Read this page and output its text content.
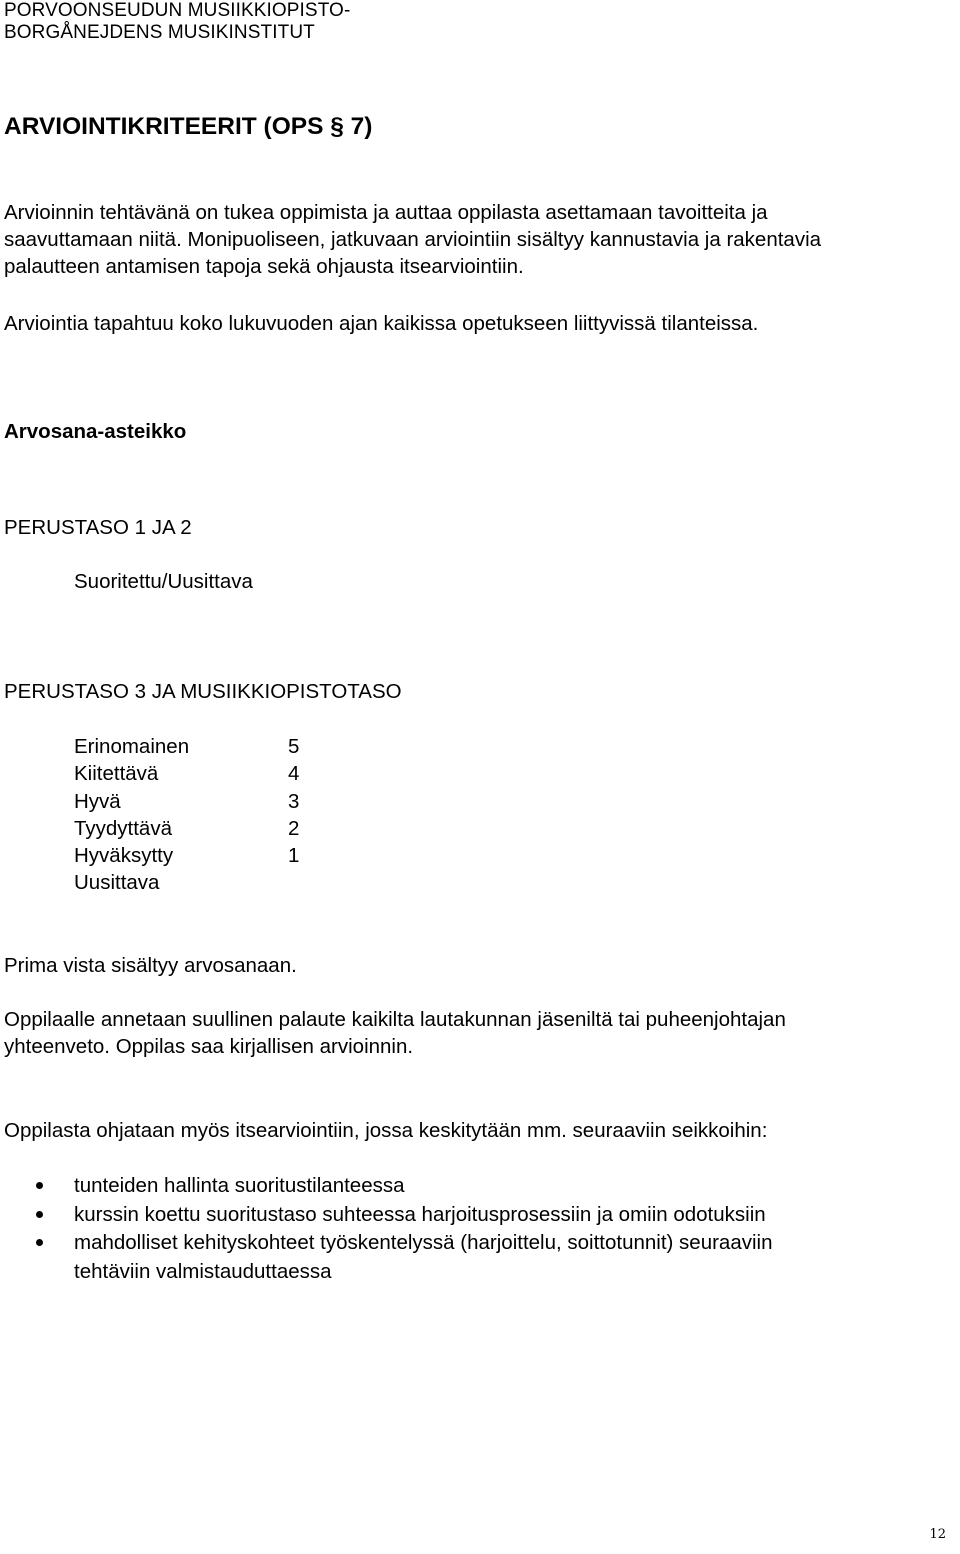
PORVOONSEUDUN MUSIIKKIOPISTO-
BORGÅNEJDENS MUSIKINSTITUT
ARVIOINTIKRITEERIT (OPS § 7)
Arvioinnin tehtävänä on tukea oppimista ja auttaa oppilasta asettamaan tavoitteita ja
saavuttamaan niitä. Monipuoliseen, jatkuvaan arviointiin sisältyy kannustavia ja rakentavia
palautteen antamisen tapoja sekä ohjausta itsearviointiin.
Arviointia tapahtuu koko lukuvuoden ajan kaikissa opetukseen liittyvissä tilanteissa.
Arvosana-asteikko
PERUSTASO 1 JA 2
Suoritettu/Uusittava
PERUSTASO 3 JA MUSIIKKIOPISTOTASO
Erinomainen	5
Kiitettävä	4
Hyvä	3
Tyydyttävä	2
Hyväksytty	1
Uusittava	
Prima vista sisältyy arvosanaan.
Oppilaalle annetaan suullinen palaute kaikilta lautakunnan jäseniltä tai puheenjohtajan
yhteenveto. Oppilas saa kirjallisen arvioinnin.
Oppilasta ohjataan myös itsearviointiin, jossa keskitytään mm. seuraaviin seikkoihin:
tunteiden hallinta suoritustilanteessa
kurssin koettu suoritustaso suhteessa harjoitusprosessiin ja omiin odotuksiin
mahdolliset kehityskohteet työskentelyssä (harjoittelu, soittotunnit) seuraaviin
tehtäviin valmistauduttaessa
12
